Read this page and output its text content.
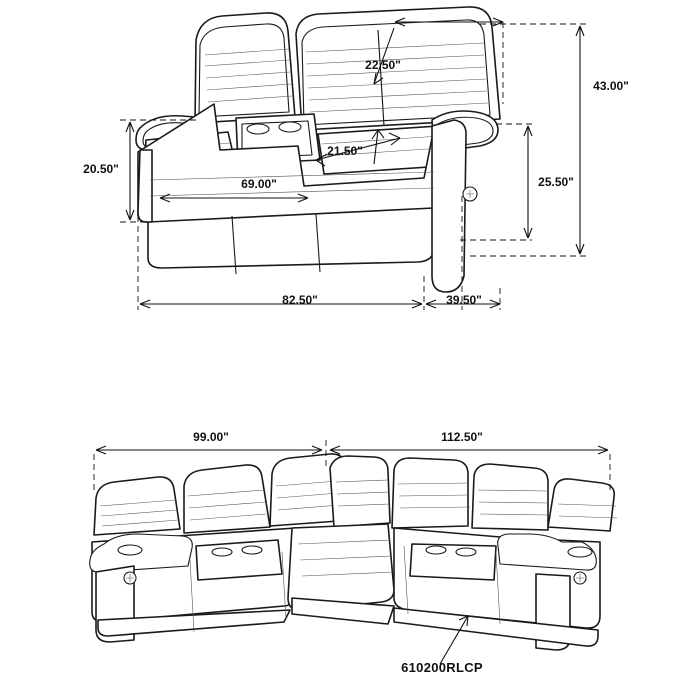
22.50"
21.50"
20.50"
69.00"	25.50"
43.00"
82.50"	39.50"
99.00"	112.50"
610200RLCP
